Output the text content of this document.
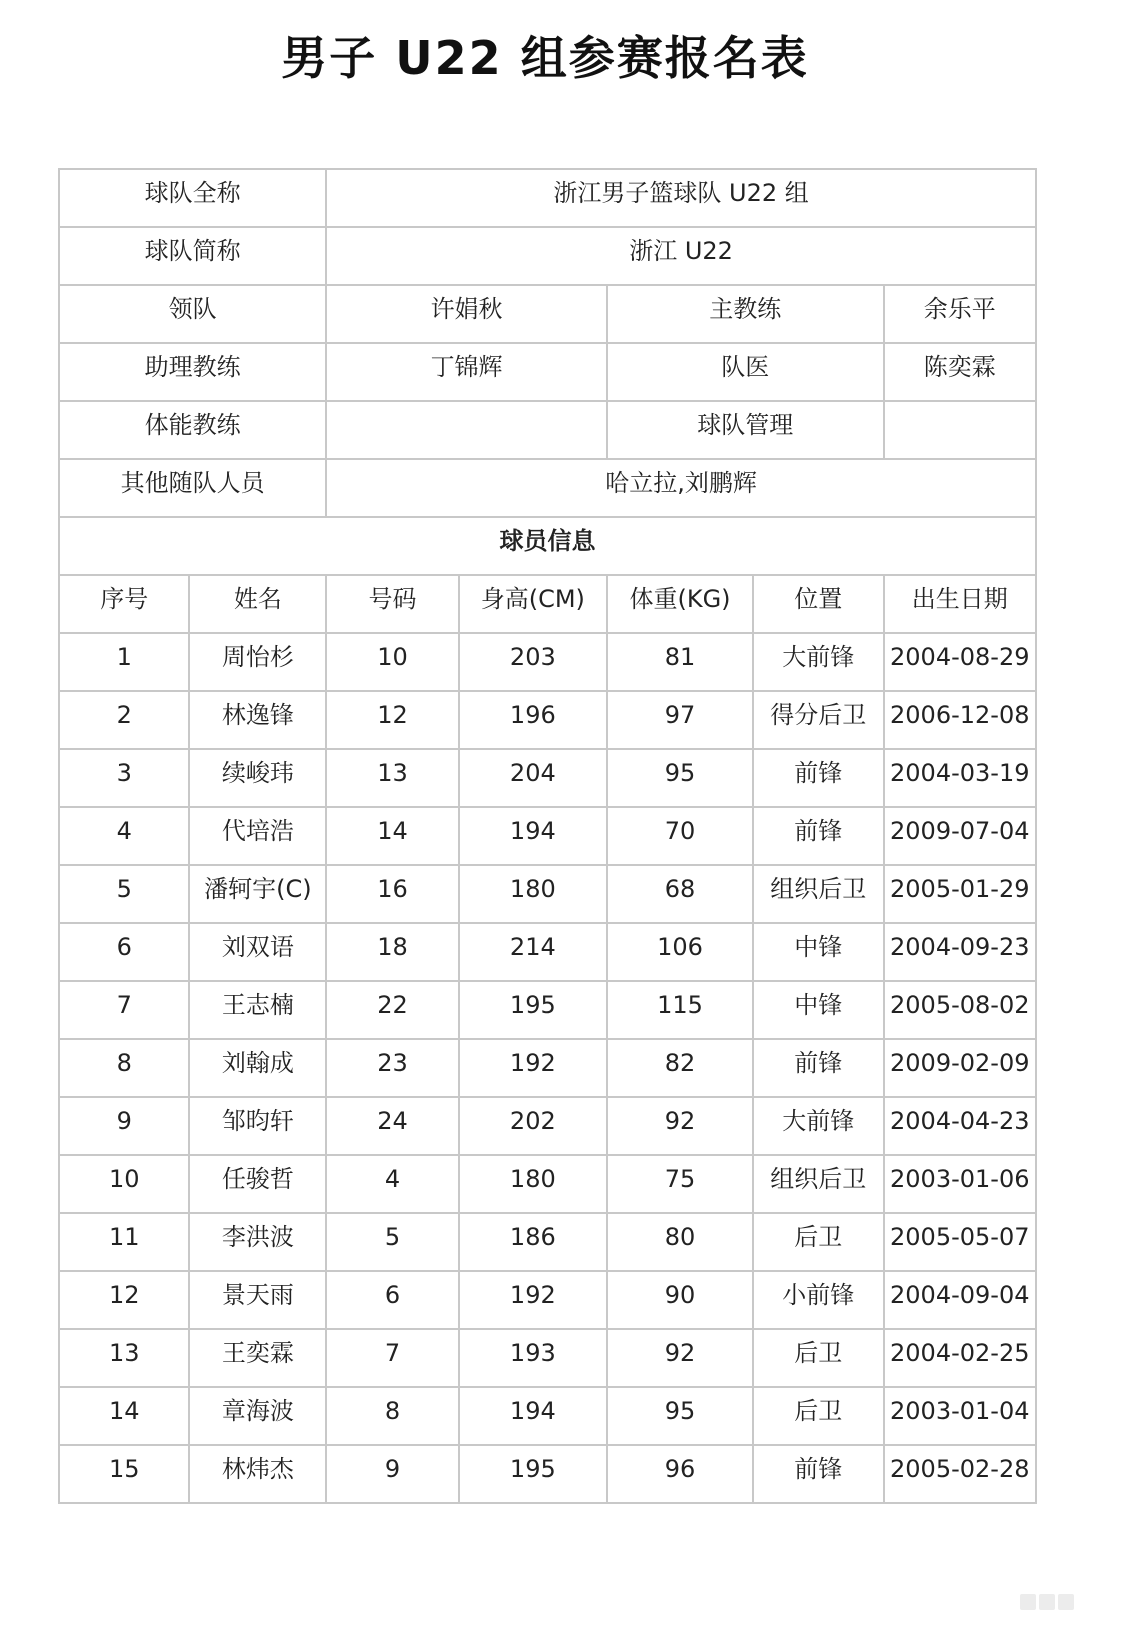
男子 U22 组参赛报名表
球队全称		浙江男子篮球队 U22 组				

球队简称		浙江 U22				

领队		许娟秋		主教练		余乐平

助理教练		丁锦辉		队医		陈奕霖

体能教练				球队管理		

其他随队人员		哈立拉,刘鹏辉				

球员信息						

序号	姓名	号码	身高(CM)	体重(KG)	位置	出生日期

1	周怡杉	10	203	81	大前锋	2004-08-29

2	林逸锋	12	196	97	得分后卫	2006-12-08

3	续峻玮	13	204	95	前锋	2004-03-19

4	代培浩	14	194	70	前锋	2009-07-04

5	潘轲宇(C)	16	180	68	组织后卫	2005-01-29

6	刘双语	18	214	106	中锋	2004-09-23

7	王志楠	22	195	115	中锋	2005-08-02

8	刘翰成	23	192	82	前锋	2009-02-09

9	邹昀轩	24	202	92	大前锋	2004-04-23

10	任骏哲	4	180	75	组织后卫	2003-01-06

11	李洪波	5	186	80	后卫	2005-05-07

12	景天雨	6	192	90	小前锋	2004-09-04

13	王奕霖	7	193	92	后卫	2004-02-25

14	章海波	8	194	95	后卫	2003-01-04

15	林炜杰	9	195	96	前锋	2005-02-28
